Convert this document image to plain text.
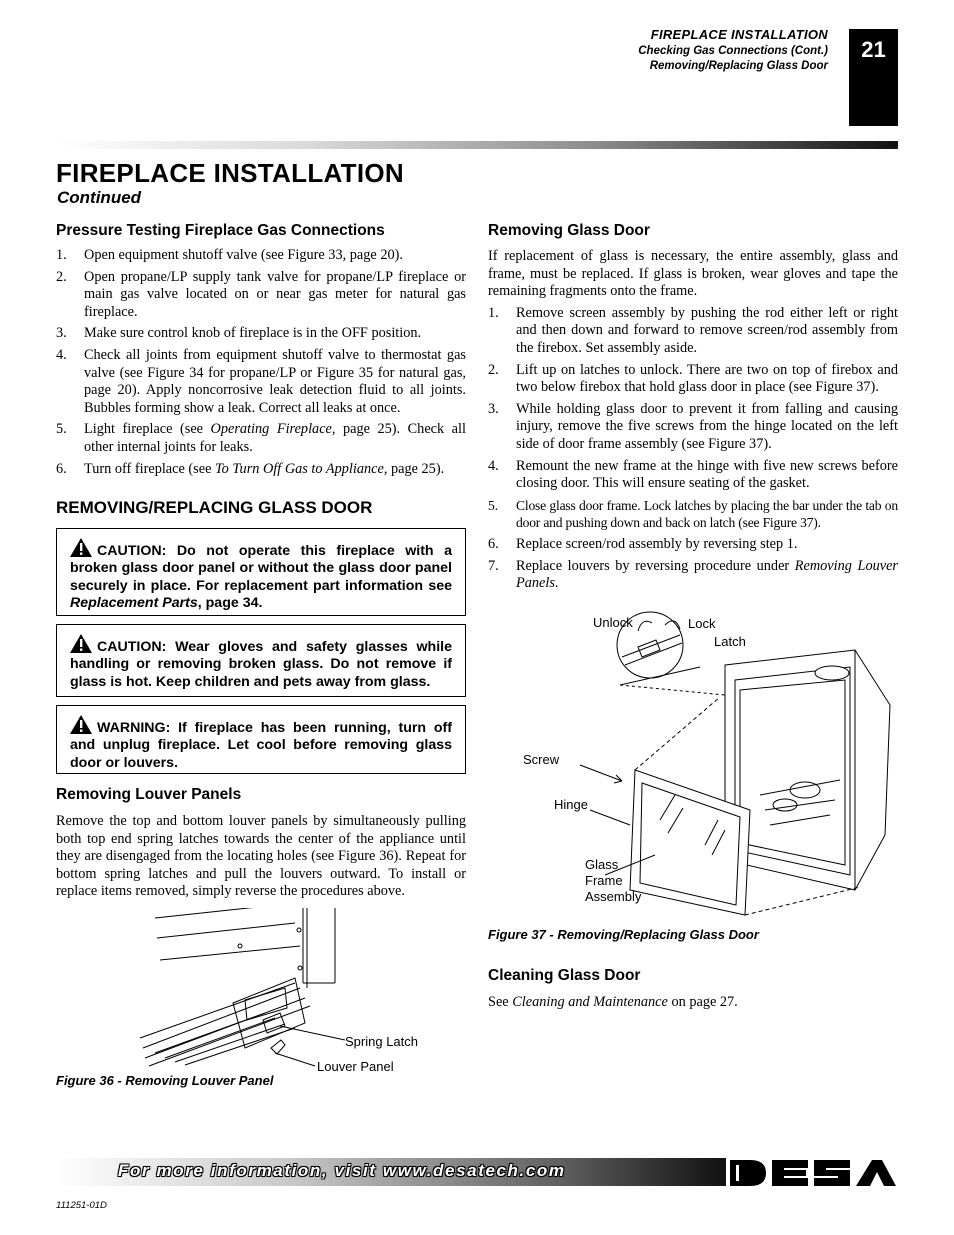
FIREPLACE INSTALLATION
Checking Gas Connections (Cont.)
Removing/Replacing Glass Door
21
FIREPLACE INSTALLATION
Continued
Pressure Testing Fireplace Gas Connections
1. Open equipment shutoff valve (see Figure 33, page 20).
2. Open propane/LP supply tank valve for propane/LP fireplace or main gas valve located on or near gas meter for natural gas fireplace.
3. Make sure control knob of fireplace is in the OFF position.
4. Check all joints from equipment shutoff valve to thermostat gas valve (see Figure 34 for propane/LP or Figure 35 for natural gas, page 20). Apply noncorrosive leak detection fluid to all joints. Bubbles forming show a leak. Correct all leaks at once.
5. Light fireplace (see Operating Fireplace, page 25). Check all other internal joints for leaks.
6. Turn off fireplace (see To Turn Off Gas to Appliance, page 25).
REMOVING/REPLACING GLASS DOOR
CAUTION: Do not operate this fireplace with a broken glass door panel or without the glass door panel securely in place. For replacement part information see Replacement Parts, page 34.
CAUTION: Wear gloves and safety glasses while handling or removing broken glass. Do not remove if glass is hot. Keep children and pets away from glass.
WARNING: If fireplace has been running, turn off and unplug fireplace. Let cool before removing glass door or louvers.
Removing Louver Panels

Remove the top and bottom louver panels by simultaneously pulling both top end spring latches towards the center of the appliance until they are disengaged from the locating holes (see Figure 36). Repeat for bottom spring latches and pull the louvers outward. To install or replace items removed, simply reverse the procedures above.

Spring Latch
Louver Panel
Figure 36 - Removing Louver Panel
Removing Glass Door

If replacement of glass is necessary, the entire assembly, glass and frame, must be replaced. If glass is broken, wear gloves and tape the remaining fragments onto the frame.

1. Remove screen assembly by pushing the rod either left or right and then down and forward to remove screen/rod assembly from the firebox. Set assembly aside.
2. Lift up on latches to unlock. There are two on top of firebox and two below firebox that hold glass door in place (see Figure 37).
3. While holding glass door to prevent it from falling and causing injury, remove the five screws from the hinge located on the left side of door frame assembly (see Figure 37).
4. Remount the new frame at the hinge with five new screws before closing door. This will ensure seating of the gasket.
5. Close glass door frame. Lock latches by placing the bar under the tab on door and pushing down and back on latch (see Figure 37).
6. Replace screen/rod assembly by reversing step 1.
7. Replace louvers by reversing procedure under Removing Louver Panels.
Unlock	Lock
Latch
Screw
Hinge
Glass
Frame
Assembly
Figure 37 - Removing/Replacing Glass Door
Cleaning Glass Door

See Cleaning and Maintenance on page 27.

For more information, visit www.desatech.com
DESA
111251-01D
